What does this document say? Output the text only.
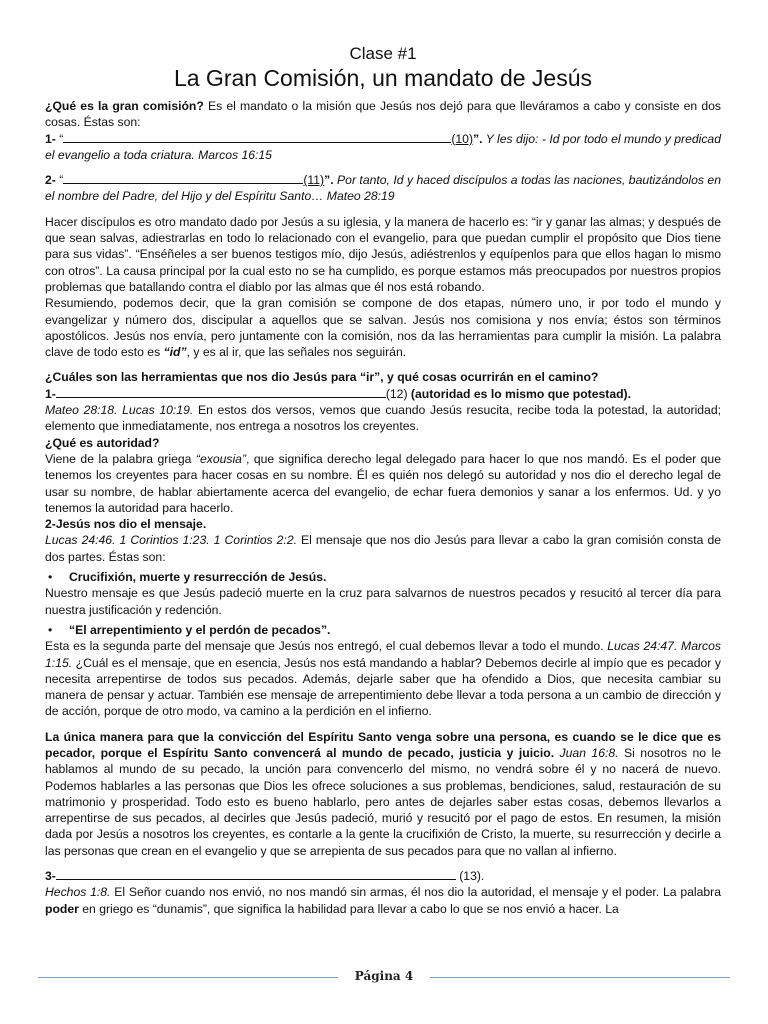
Clase #1

La Gran Comisión, un mandato de Jesús

¿Qué es la gran comisión? Es el mandato o la misión que Jesús nos dejó para que lleváramos a cabo y consiste en dos cosas. Éstas son:

1- “	(10)”. Y les dijo: - Id por todo el mundo y predicad el evangelio a toda criatura. Marcos 16:15

2- “	(11)”. Por tanto, Id y haced discípulos a todas las naciones, bautizándolos en el nombre del Padre, del Hijo y del Espíritu Santo… Mateo 28:19

Hacer discípulos es otro mandato dado por Jesús a su iglesia, y la manera de hacerlo es: “ir y ganar las almas; y después de que sean salvas, adiestrarlas en todo lo relacionado con el evangelio, para que puedan cumplir el propósito que Dios tiene para sus vidas”. “Enséñeles a ser buenos testigos mío, dijo Jesús, adiéstrenlos y equípenlos para que ellos hagan lo mismo con otros”. La causa principal por la cual esto no se ha cumplido, es porque estamos más preocupados por nuestros propios problemas que batallando contra el diablo por las almas que él nos está robando.

Resumiendo, podemos decir, que la gran comisión se compone de dos etapas, número uno, ir por todo el mundo y evangelizar y número dos, discipular a aquellos que se salvan. Jesús nos comisiona y nos envía; éstos son términos apostólicos. Jesús nos envía, pero juntamente con la comisión, nos da las herramientas para cumplir la misión. La palabra clave de todo esto es “id”, y es al ir, que las señales nos seguirán.

¿Cuáles son las herramientas que nos dio Jesús para “ir”, y qué cosas ocurrirán en el camino?

1-	(12) (autoridad es lo mismo que potestad).

Mateo 28:18. Lucas 10:19. En estos dos versos, vemos que cuando Jesús resucita, recibe toda la potestad, la autoridad; elemento que inmediatamente, nos entrega a nosotros los creyentes.

¿Qué es autoridad?

Viene de la palabra griega “exousia”, que significa derecho legal delegado para hacer lo que nos mandó. Es el poder que tenemos los creyentes para hacer cosas en su nombre. Él es quién nos delegó su autoridad y nos dio el derecho legal de usar su nombre, de hablar abiertamente acerca del evangelio, de echar fuera demonios y sanar a los enfermos. Ud. y yo tenemos la autoridad para hacerlo.

2-Jesús nos dio el mensaje.

Lucas 24:46. 1 Corintios 1:23. 1 Corintios 2:2. El mensaje que nos dio Jesús para llevar a cabo la gran comisión consta de dos partes. Éstas son:

• Crucifixión, muerte y resurrección de Jesús.

Nuestro mensaje es que Jesús padeció muerte en la cruz para salvarnos de nuestros pecados y resucitó al tercer día para nuestra justificación y redención.

• “El arrepentimiento y el perdón de pecados”.

Esta es la segunda parte del mensaje que Jesús nos entregó, el cual debemos llevar a todo el mundo. Lucas 24:47. Marcos 1:15. ¿Cuál es el mensaje, que en esencia, Jesús nos está mandando a hablar? Debemos decirle al impío que es pecador y necesita arrepentirse de todos sus pecados. Además, dejarle saber que ha ofendido a Dios, que necesita cambiar su manera de pensar y actuar. También ese mensaje de arrepentimiento debe llevar a toda persona a un cambio de dirección y de acción, porque de otro modo, va camino a la perdición en el infierno.

La única manera para que la convicción del Espíritu Santo venga sobre una persona, es cuando se le dice que es pecador, porque el Espíritu Santo convencerá al mundo de pecado, justicia y juicio. Juan 16:8. Si nosotros no le hablamos al mundo de su pecado, la unción para convencerlo del mismo, no vendrá sobre él y no nacerá de nuevo. Podemos hablarles a las personas que Dios les ofrece soluciones a sus problemas, bendiciones, salud, restauración de su matrimonio y prosperidad. Todo esto es bueno hablarlo, pero antes de dejarles saber estas cosas, debemos llevarlos a arrepentirse de sus pecados, al decirles que Jesús padeció, murió y resucitó por el pago de estos. En resumen, la misión dada por Jesús a nosotros los creyentes, es contarle a la gente la crucifixión de Cristo, la muerte, su resurrección y decirle a las personas que crean en el evangelio y que se arrepienta de sus pecados para que no vallan al infierno.

3-	(13).

Hechos 1:8. El Señor cuando nos envió, no nos mandó sin armas, él nos dio la autoridad, el mensaje y el poder. La palabra poder en griego es “dunamis”, que significa la habilidad para llevar a cabo lo que se nos envió a hacer. La

Página 4
